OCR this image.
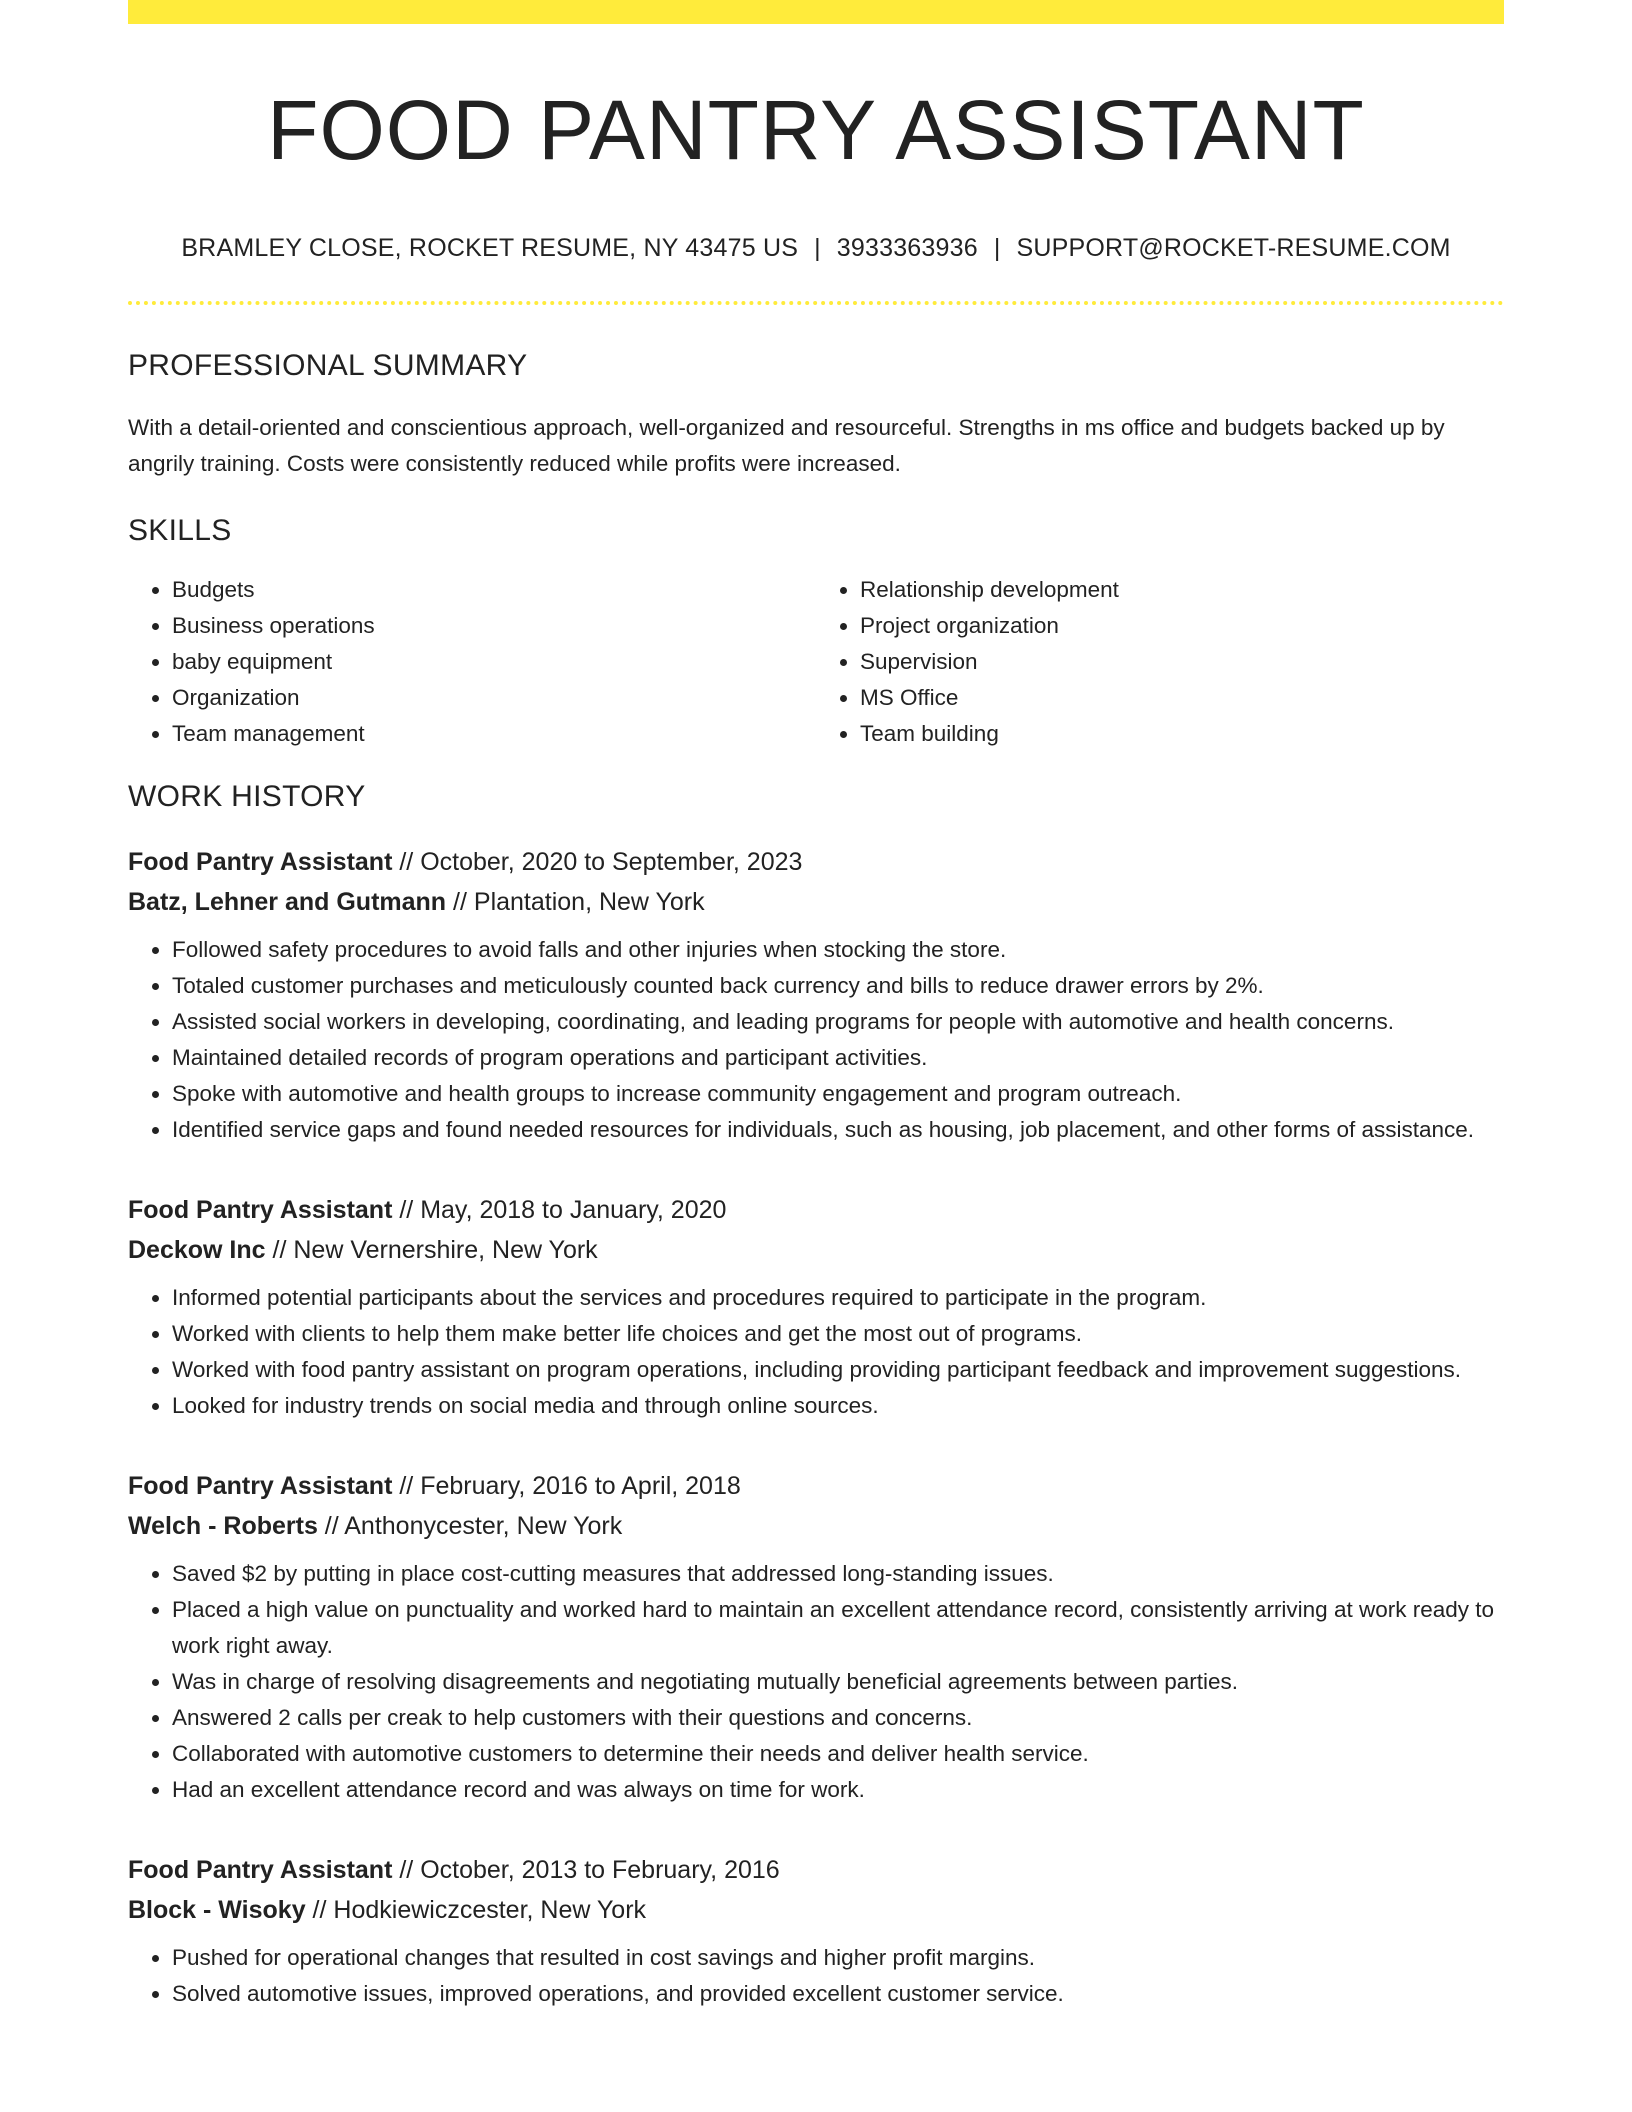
FOOD PANTRY ASSISTANT
BRAMLEY CLOSE, ROCKET RESUME, NY 43475 US | 3933363936 | SUPPORT@ROCKET-RESUME.COM
PROFESSIONAL SUMMARY
With a detail-oriented and conscientious approach, well-organized and resourceful. Strengths in ms office and budgets backed up by angrily training. Costs were consistently reduced while profits were increased.
SKILLS
• Budgets
• Business operations
• baby equipment
• Organization
• Team management
• Relationship development
• Project organization
• Supervision
• MS Office
• Team building
WORK HISTORY
Food Pantry Assistant // October, 2020 to September, 2023
Batz, Lehner and Gutmann // Plantation, New York
• Followed safety procedures to avoid falls and other injuries when stocking the store.
• Totaled customer purchases and meticulously counted back currency and bills to reduce drawer errors by 2%.
• Assisted social workers in developing, coordinating, and leading programs for people with automotive and health concerns.
• Maintained detailed records of program operations and participant activities.
• Spoke with automotive and health groups to increase community engagement and program outreach.
• Identified service gaps and found needed resources for individuals, such as housing, job placement, and other forms of assistance.
Food Pantry Assistant // May, 2018 to January, 2020
Deckow Inc // New Vernershire, New York
• Informed potential participants about the services and procedures required to participate in the program.
• Worked with clients to help them make better life choices and get the most out of programs.
• Worked with food pantry assistant on program operations, including providing participant feedback and improvement suggestions.
• Looked for industry trends on social media and through online sources.
Food Pantry Assistant // February, 2016 to April, 2018
Welch - Roberts // Anthonycester, New York
• Saved $2 by putting in place cost-cutting measures that addressed long-standing issues.
• Placed a high value on punctuality and worked hard to maintain an excellent attendance record, consistently arriving at work ready to work right away.
• Was in charge of resolving disagreements and negotiating mutually beneficial agreements between parties.
• Answered 2 calls per creak to help customers with their questions and concerns.
• Collaborated with automotive customers to determine their needs and deliver health service.
• Had an excellent attendance record and was always on time for work.
Food Pantry Assistant // October, 2013 to February, 2016
Block - Wisoky // Hodkiewiczcester, New York
• Pushed for operational changes that resulted in cost savings and higher profit margins.
• Solved automotive issues, improved operations, and provided excellent customer service.
